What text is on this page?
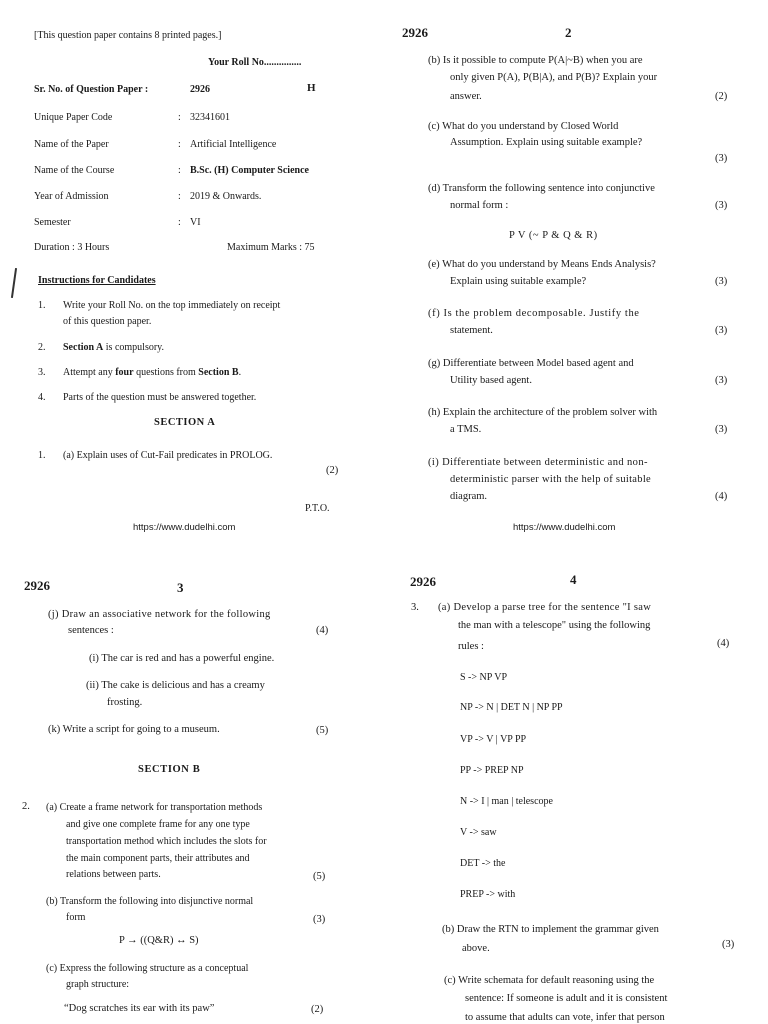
[This question paper contains 8 printed pages.]
Your Roll No...............
Sr. No. of Question Paper :	2926	H
Unique Paper Code	: 32341601
Name of the Paper	: Artificial Intelligence
Name of the Course	: B.Sc. (H) Computer Science
Year of Admission	: 2019 & Onwards.
Semester	: VI
Duration : 3 Hours	Maximum Marks : 75
Instructions for Candidates
1. Write your Roll No. on the top immediately on receipt
of this question paper.
2. Section A is compulsory.
3. Attempt any four questions from Section B.
4. Parts of the question must be answered together.
SECTION A
1. (a) Explain uses of Cut-Fail predicates in PROLOG.
(2)
P.T.O.
https://www.dudelhi.com
2926	2
(b) Is it possible to compute P(A|~B) when you are
only given P(A), P(B|A), and P(B)? Explain your
answer.	(2)
(c) What do you understand by Closed World
Assumption. Explain using suitable example?
(3)
(d) Transform the following sentence into conjunctive
normal form :	(3)
P V (~ P & Q & R)
(e) What do you understand by Means Ends Analysis?
Explain using suitable example?	(3)
(f) Is the problem decomposable. Justify the
statement.	(3)
(g) Differentiate between Model based agent and
Utility based agent.	(3)
(h) Explain the architecture of the problem solver with
a TMS.	(3)
(i) Differentiate between deterministic and non-
deterministic parser with the help of suitable
diagram.	(4)
https://www.dudelhi.com
2926	3
(j) Draw an associative network for the following
sentences :	(4)
(i) The car is red and has a powerful engine.
(ii) The cake is delicious and has a creamy
frosting.
(k) Write a script for going to a museum.	(5)
SECTION B
2. (a) Create a frame network for transportation methods
and give one complete frame for any one type
transportation method which includes the slots for
the main component parts, their attributes and
relations between parts.	(5)
(b) Transform the following into disjunctive normal
form	(3)
P → ((Q&R) ↔ S)
(c) Express the following structure as a conceptual
graph structure:
“Dog scratches its ear with its paw”	(2)
2926	4
3. (a) Develop a parse tree for the sentence "I saw
the man with a telescope" using the following
rules :	(4)
S -> NP VP
NP -> N | DET N | NP PP
VP -> V | VP PP
PP -> PREP NP
N -> I | man | telescope
V -> saw
DET -> the
PREP -> with
(b) Draw the RTN to implement the grammar given
above.	(3)
(c) Write schemata for default reasoning using the
sentence: If someone is adult and it is consistent
to assume that adults can vote, infer that person
